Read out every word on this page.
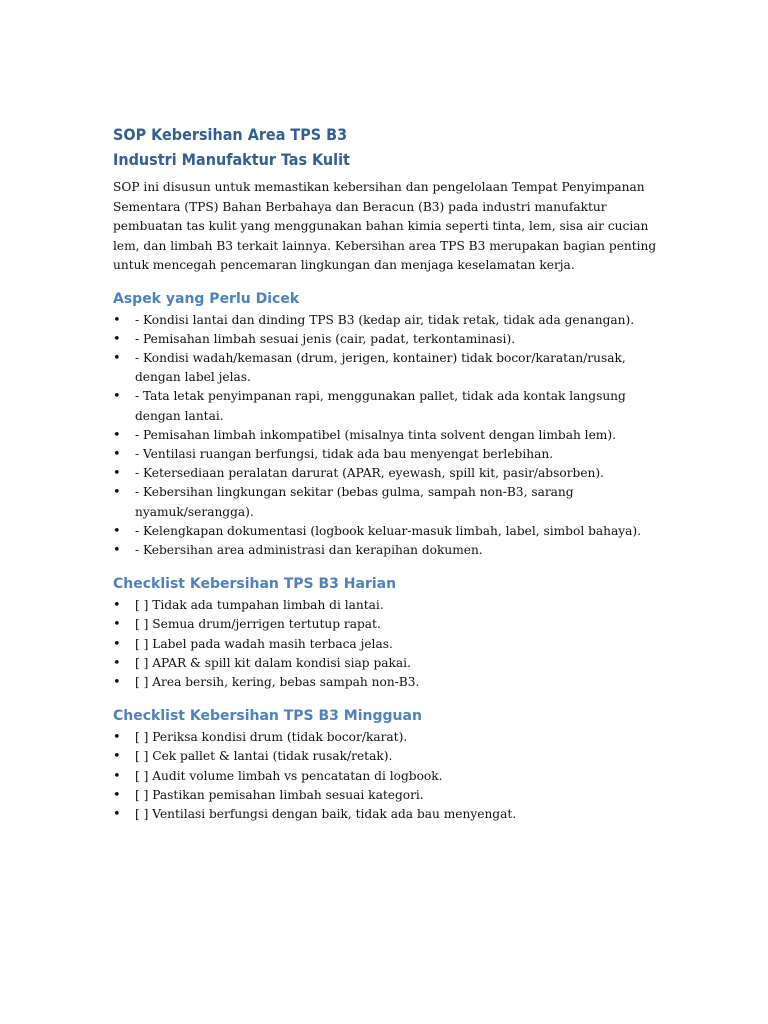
SOP Kebersihan Area TPS B3
Industri Manufaktur Tas Kulit

SOP ini disusun untuk memastikan kebersihan dan pengelolaan Tempat Penyimpanan Sementara (TPS) Bahan Berbahaya dan Beracun (B3) pada industri manufaktur pembuatan tas kulit yang menggunakan bahan kimia seperti tinta, lem, sisa air cucian lem, dan limbah B3 terkait lainnya. Kebersihan area TPS B3 merupakan bagian penting untuk mencegah pencemaran lingkungan dan menjaga keselamatan kerja.

Aspek yang Perlu Dicek
• - Kondisi lantai dan dinding TPS B3 (kedap air, tidak retak, tidak ada genangan).
• - Pemisahan limbah sesuai jenis (cair, padat, terkontaminasi).
• - Kondisi wadah/kemasan (drum, jerigen, kontainer) tidak bocor/karatan/rusak, dengan label jelas.
• - Tata letak penyimpanan rapi, menggunakan pallet, tidak ada kontak langsung dengan lantai.
• - Pemisahan limbah inkompatibel (misalnya tinta solvent dengan limbah lem).
• - Ventilasi ruangan berfungsi, tidak ada bau menyengat berlebihan.
• - Ketersediaan peralatan darurat (APAR, eyewash, spill kit, pasir/absorben).
• - Kebersihan lingkungan sekitar (bebas gulma, sampah non-B3, sarang nyamuk/serangga).
• - Kelengkapan dokumentasi (logbook keluar-masuk limbah, label, simbol bahaya).
• - Kebersihan area administrasi dan kerapihan dokumen.
Checklist Kebersihan TPS B3 Harian
• [ ] Tidak ada tumpahan limbah di lantai.
• [ ] Semua drum/jerrigen tertutup rapat.
• [ ] Label pada wadah masih terbaca jelas.
• [ ] APAR & spill kit dalam kondisi siap pakai.
• [ ] Area bersih, kering, bebas sampah non-B3.
Checklist Kebersihan TPS B3 Mingguan
• [ ] Periksa kondisi drum (tidak bocor/karat).
• [ ] Cek pallet & lantai (tidak rusak/retak).
• [ ] Audit volume limbah vs pencatatan di logbook.
• [ ] Pastikan pemisahan limbah sesuai kategori.
• [ ] Ventilasi berfungsi dengan baik, tidak ada bau menyengat.
